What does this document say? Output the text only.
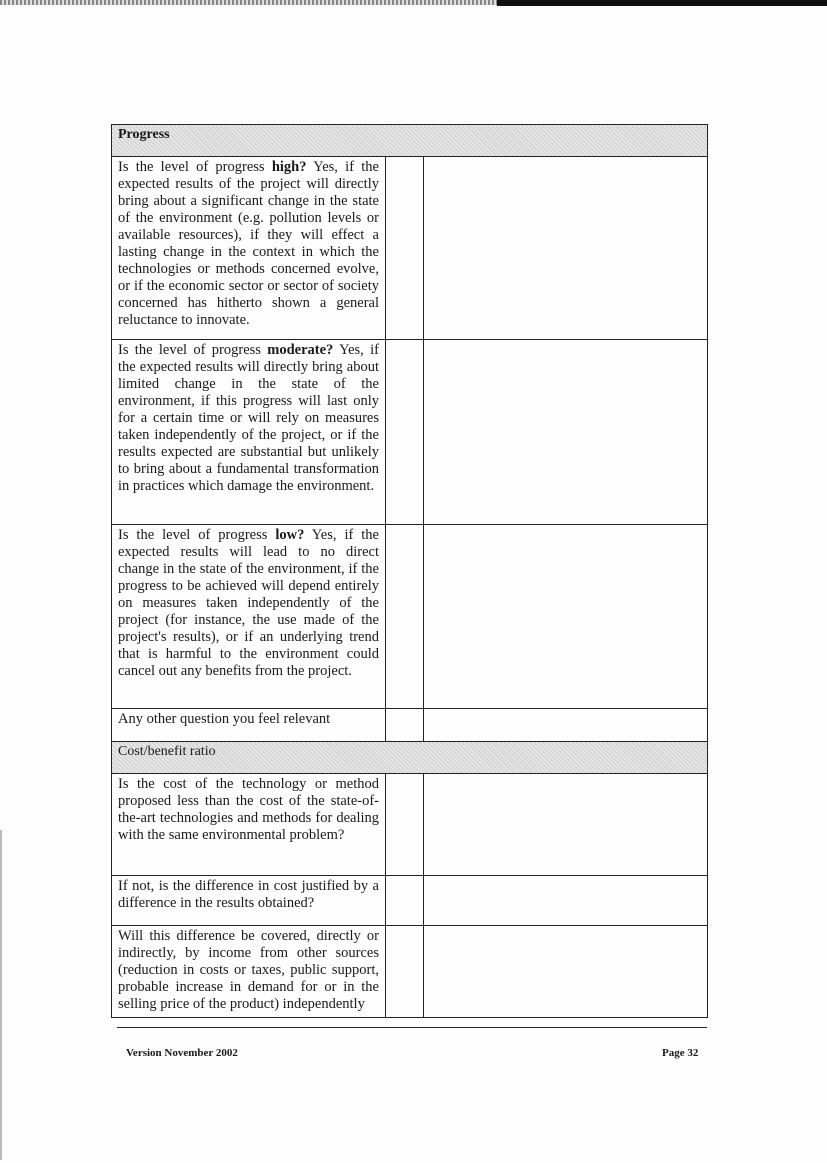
Progress		
Is the level of progress high? Yes, if the expected results of the project will directly bring about a significant change in the state of the environment (e.g. pollution levels or available resources), if they will effect a lasting change in the context in which the technologies or methods concerned evolve, or if the economic sector or sector of society concerned has hitherto shown a general reluctance to innovate.		
Is the level of progress moderate? Yes, if the expected results will directly bring about limited change in the state of the environment, if this progress will last only for a certain time or will rely on measures taken independently of the project, or if the results expected are substantial but unlikely to bring about a fundamental transformation in practices which damage the environment.		
Is the level of progress low? Yes, if the expected results will lead to no direct change in the state of the environment, if the progress to be achieved will depend entirely on measures taken independently of the project (for instance, the use made of the project's results), or if an underlying trend that is harmful to the environment could cancel out any benefits from the project.		
Any other question you feel relevant		
Cost/benefit ratio		
Is the cost of the technology or method proposed less than the cost of the state-of-the-art technologies and methods for dealing with the same environmental problem?		
If not, is the difference in cost justified by a difference in the results obtained?		
Will this difference be covered, directly or indirectly, by income from other sources (reduction in costs or taxes, public support, probable increase in demand for or in the selling price of the product) independently		
Version November 2002	Page 32
